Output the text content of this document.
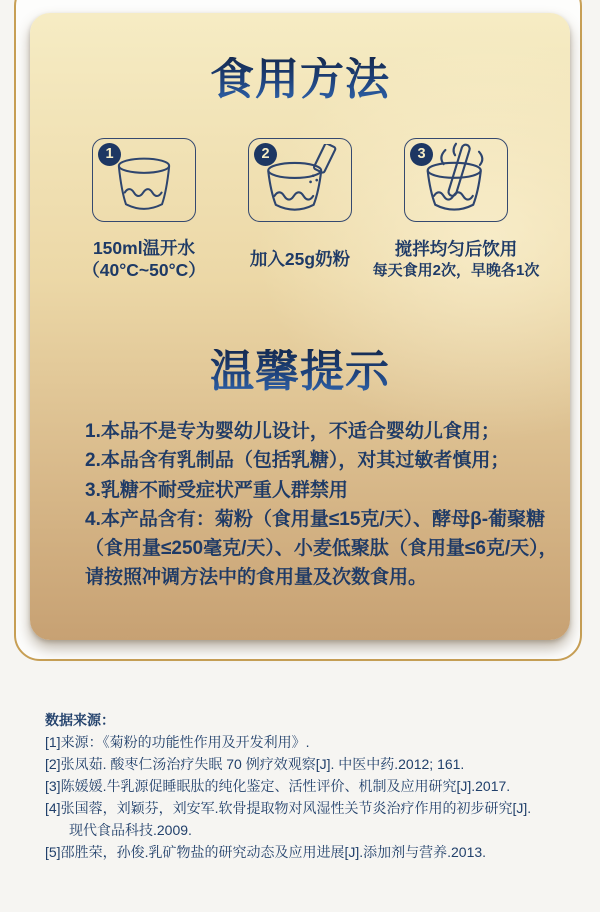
食用方法
1
150ml温开水
（40°C~50°C）
2
加入25g奶粉
3
搅拌均匀后饮用
每天食用2次，早晚各1次
温馨提示
1.本品不是专为婴幼儿设计，不适合婴幼儿食用；
2.本品含有乳制品（包括乳糖），对其过敏者慎用；
3.乳糖不耐受症状严重人群禁用
4.本产品含有：菊粉（食用量≤15克/天）、酵母β-葡聚糖
（食用量≤250毫克/天）、小麦低聚肽（食用量≤6克/天），
请按照冲调方法中的食用量及次数食用。
数据来源：
[1]来源：《菊粉的功能性作用及开发利用》.
[2]张凤茹. 酸枣仁汤治疗失眠 70 例疗效观察[J]. 中医中药.2012; 161.
[3]陈媛媛.牛乳源促睡眠肽的纯化鉴定、活性评价、机制及应用研究[J].2017.
[4]张国蓉，刘颖芬，刘安军.软骨提取物对风湿性关节炎治疗作用的初步研究[J].
现代食品科技.2009.
[5]邵胜荣，孙俊.乳矿物盐的研究动态及应用进展[J].添加剂与营养.2013.
